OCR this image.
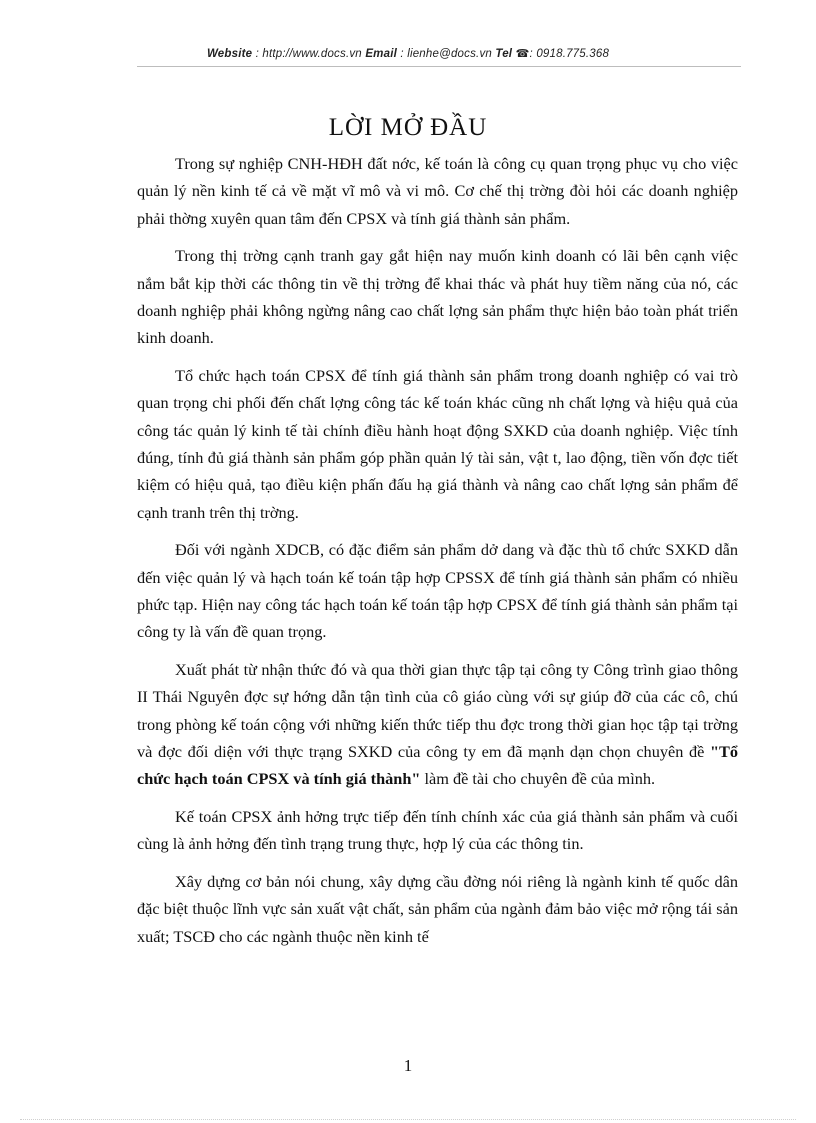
Website : http://www.docs.vn Email : lienhe@docs.vn Tel ☎: 0918.775.368
LỜI MỞ ĐẦU

Trong sự nghiệp CNH-HĐH đất nớc, kế toán là công cụ quan trọng phục vụ cho việc quản lý nền kinh tế cả về mặt vĩ mô và vi mô. Cơ chế thị trờng đòi hỏi các doanh nghiệp phải thờng xuyên quan tâm đến CPSX và tính giá thành sản phẩm.

Trong thị trờng cạnh tranh gay gắt hiện nay muốn kinh doanh có lãi bên cạnh việc nắm bắt kịp thời các thông tin về thị trờng để khai thác và phát huy tiềm năng của nó, các doanh nghiệp phải không ngừng nâng cao chất lợng sản phẩm thực hiện bảo toàn phát triển kinh doanh.

Tổ chức hạch toán CPSX để tính giá thành sản phẩm trong doanh nghiệp có vai trò quan trọng chi phối đến chất lợng công tác kế toán khác cũng nh chất lợng và hiệu quả của công tác quản lý kinh tế tài chính điều hành hoạt động SXKD của doanh nghiệp. Việc tính đúng, tính đủ giá thành sản phẩm góp phần quản lý tài sản, vật t, lao động, tiền vốn đợc tiết kiệm có hiệu quả, tạo điều kiện phấn đấu hạ giá thành và nâng cao chất lợng sản phẩm để cạnh tranh trên thị trờng.

Đối với ngành XDCB, có đặc điểm sản phẩm dở dang và đặc thù tổ chức SXKD dẫn đến việc quản lý và hạch toán kế toán tập hợp CPSSX để tính giá thành sản phẩm có nhiều phức tạp. Hiện nay công tác hạch toán kế toán tập hợp CPSX để tính giá thành sản phẩm tại công ty là vấn đề quan trọng.

Xuất phát từ nhận thức đó và qua thời gian thực tập tại công ty Công trình giao thông II Thái Nguyên đợc sự hớng dẫn tận tình của cô giáo cùng với sự giúp đỡ của các cô, chú trong phòng kế toán cộng với những kiến thức tiếp thu đợc trong thời gian học tập tại trờng và đợc đối diện với thực trạng SXKD của công ty em đã mạnh dạn chọn chuyên đề "Tổ chức hạch toán CPSX và tính giá thành" làm đề tài cho chuyên đề của mình.

Kế toán CPSX ảnh hởng trực tiếp đến tính chính xác của giá thành sản phẩm và cuối cùng là ảnh hởng đến tình trạng trung thực, hợp lý của các thông tin.

Xây dựng cơ bản nói chung, xây dựng cầu đờng nói riêng là ngành kinh tế quốc dân đặc biệt thuộc lĩnh vực sản xuất vật chất, sản phẩm của ngành đảm bảo việc mở rộng tái sản xuất; TSCĐ cho các ngành thuộc nền kinh tế

1
